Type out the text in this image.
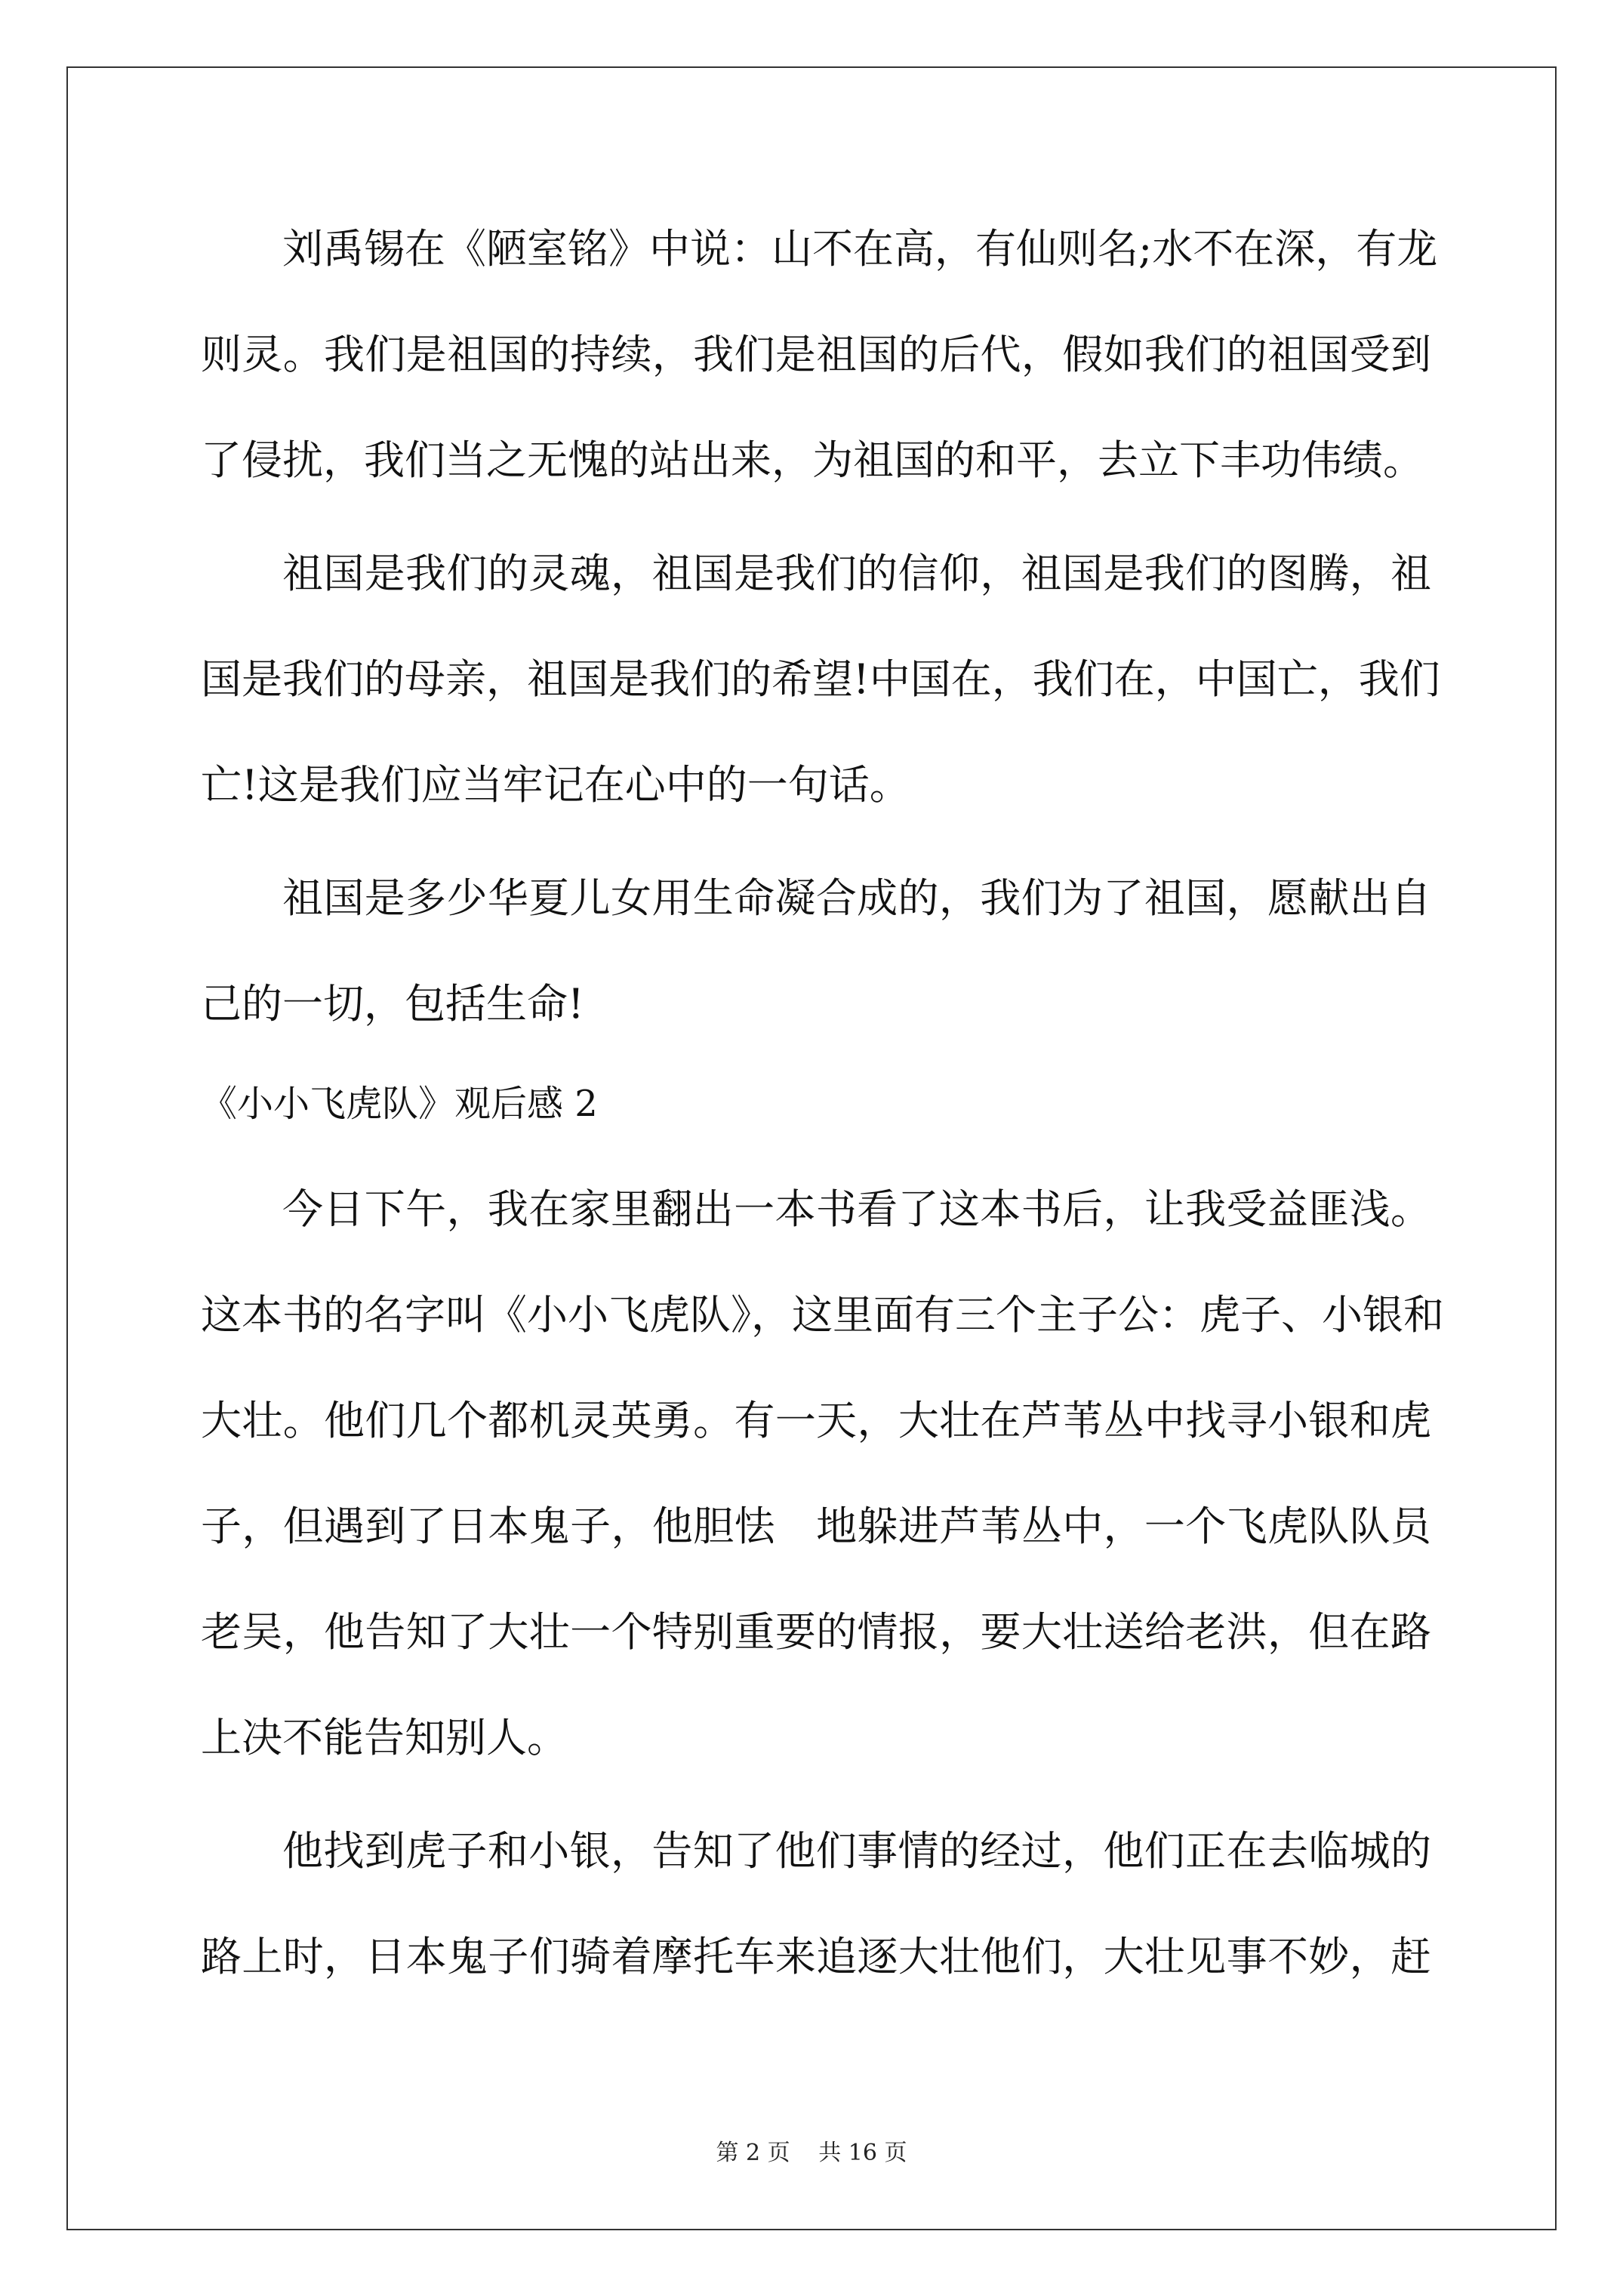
刘禹锡在《陋室铭》中说：山不在高，有仙则名;水不在深，有龙
则灵。我们是祖国的持续，我们是祖国的后代，假如我们的祖国受到
了侵扰，我们当之无愧的站出来，为祖国的和平，去立下丰功伟绩。
祖国是我们的灵魂，祖国是我们的信仰，祖国是我们的图腾，祖
国是我们的母亲，祖国是我们的希望!中国在，我们在，中国亡，我们
亡!这是我们应当牢记在心中的一句话。
祖国是多少华夏儿女用生命凝合成的，我们为了祖国，愿献出自
己的一切，包括生命!
《小小飞虎队》观后感 2
今日下午，我在家里翻出一本书看了这本书后，让我受益匪浅。
这本书的名字叫《小小飞虎队》，这里面有三个主子公：虎子、小银和
大壮。他们几个都机灵英勇。有一天，大壮在芦苇丛中找寻小银和虎
子，但遇到了日本鬼子，他胆怯　地躲进芦苇丛中，一个飞虎队队员
老吴，他告知了大壮一个特别重要的情报，要大壮送给老洪，但在路
上决不能告知别人。
他找到虎子和小银，告知了他们事情的经过，他们正在去临城的
路上时，日本鬼子们骑着摩托车来追逐大壮他们，大壮见事不妙，赶
第 2 页 共 16 页
